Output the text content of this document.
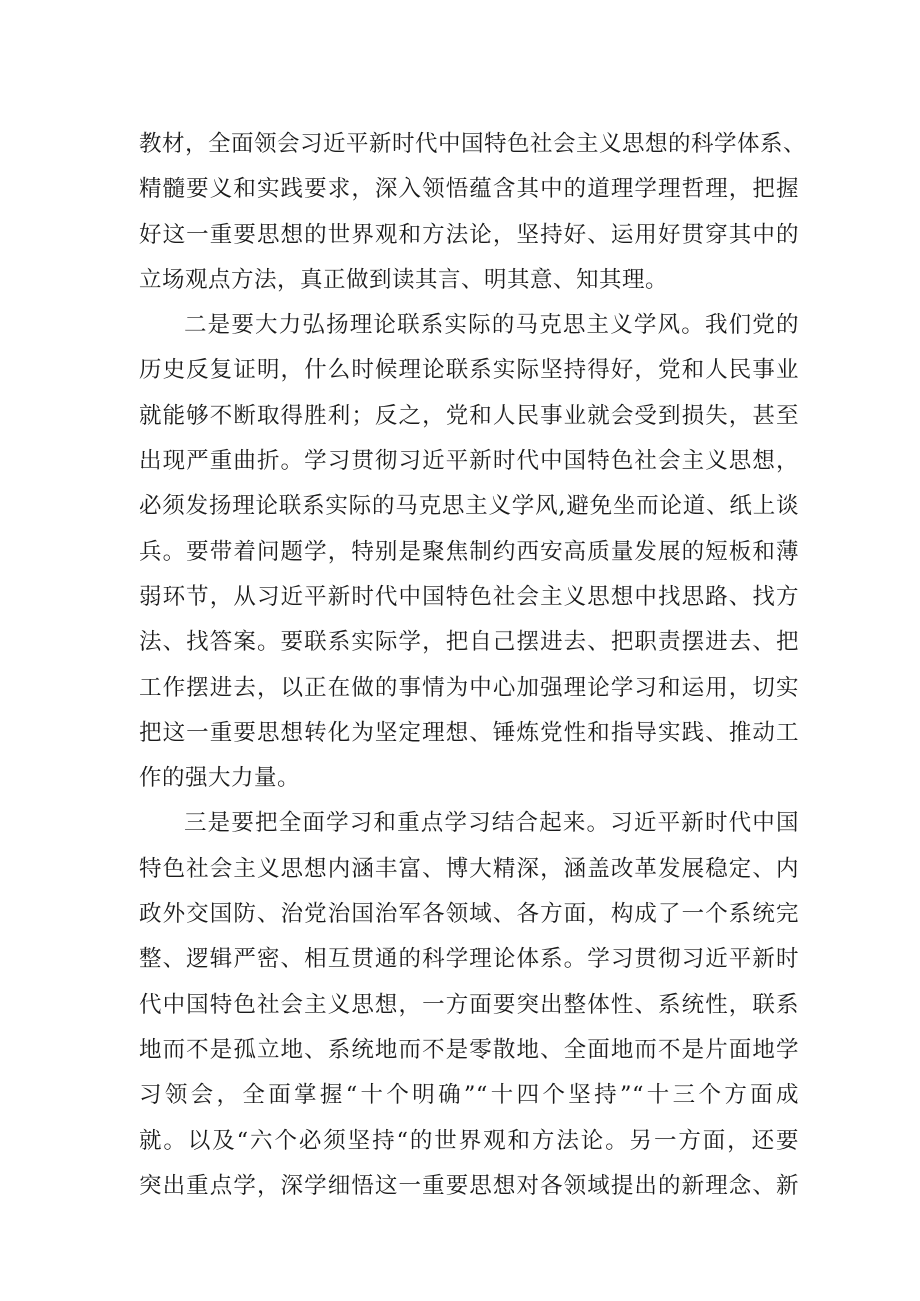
教材，全面领会习近平新时代中国特色社会主义思想的科学体系、
精髓要义和实践要求，深入领悟蕴含其中的道理学理哲理，把握
好这一重要思想的世界观和方法论，坚持好、运用好贯穿其中的
立场观点方法，真正做到读其言、明其意、知其理。
二是要大力弘扬理论联系实际的马克思主义学风。我们党的
历史反复证明，什么时候理论联系实际坚持得好，党和人民事业
就能够不断取得胜利；反之，党和人民事业就会受到损失，甚至
出现严重曲折。学习贯彻习近平新时代中国特色社会主义思想，
必须发扬理论联系实际的马克思主义学风,避免坐而论道、纸上谈
兵。要带着问题学，特别是聚焦制约西安高质量发展的短板和薄
弱环节，从习近平新时代中国特色社会主义思想中找思路、找方
法、找答案。要联系实际学，把自己摆进去、把职责摆进去、把
工作摆进去，以正在做的事情为中心加强理论学习和运用，切实
把这一重要思想转化为坚定理想、锤炼党性和指导实践、推动工
作的强大力量。
三是要把全面学习和重点学习结合起来。习近平新时代中国
特色社会主义思想内涵丰富、博大精深，涵盖改革发展稳定、内
政外交国防、治党治国治军各领域、各方面，构成了一个系统完
整、逻辑严密、相互贯通的科学理论体系。学习贯彻习近平新时
代中国特色社会主义思想，一方面要突出整体性、系统性，联系
地而不是孤立地、系统地而不是零散地、全面地而不是片面地学
习领会，全面掌握“十个明确”“十四个坚持”“十三个方面成
就。以及“六个必须坚持“的世界观和方法论。另一方面，还要
突出重点学，深学细悟这一重要思想对各领域提出的新理念、新
